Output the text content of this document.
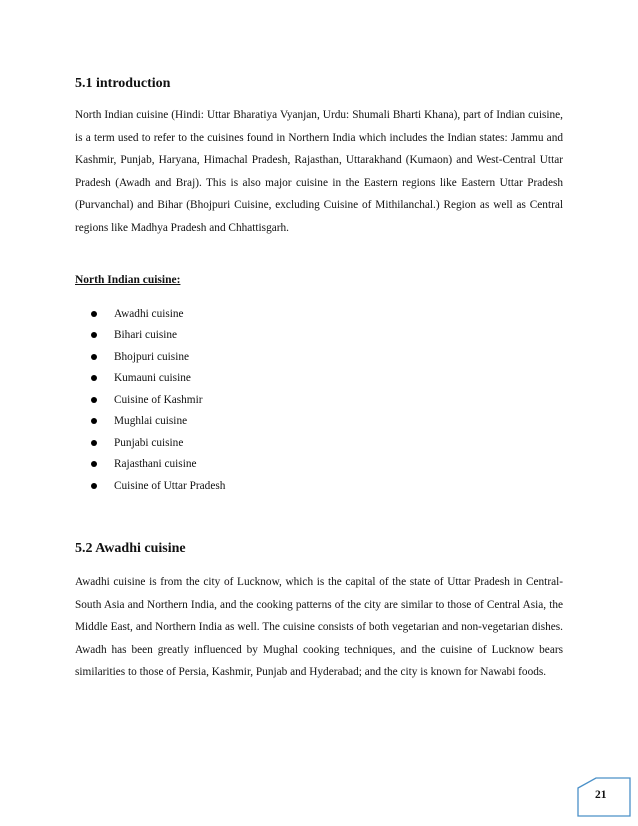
5.1 introduction

North Indian cuisine (Hindi: Uttar Bharatiya Vyanjan, Urdu: Shumali Bharti Khana), part of Indian cuisine, is a term used to refer to the cuisines found in Northern India which includes the Indian states: Jammu and Kashmir, Punjab, Haryana, Himachal Pradesh, Rajasthan, Uttarakhand (Kumaon) and West-Central Uttar Pradesh (Awadh and Braj). This is also major cuisine in the Eastern regions like Eastern Uttar Pradesh (Purvanchal) and Bihar (Bhojpuri Cuisine, excluding Cuisine of Mithilanchal.) Region as well as Central regions like Madhya Pradesh and Chhattisgarh.

North Indian cuisine:

Awadhi cuisine
Bihari cuisine
Bhojpuri cuisine
Kumauni cuisine
Cuisine of Kashmir
Mughlai cuisine
Punjabi cuisine
Rajasthani cuisine
Cuisine of Uttar Pradesh
5.2 Awadhi cuisine

Awadhi cuisine is from the city of Lucknow, which is the capital of the state of Uttar Pradesh in Central-South Asia and Northern India, and the cooking patterns of the city are similar to those of Central Asia, the Middle East, and Northern India as well. The cuisine consists of both vegetarian and non-vegetarian dishes. Awadh has been greatly influenced by Mughal cooking techniques, and the cuisine of Lucknow bears similarities to those of Persia, Kashmir, Punjab and Hyderabad; and the city is known for Nawabi foods.

21
